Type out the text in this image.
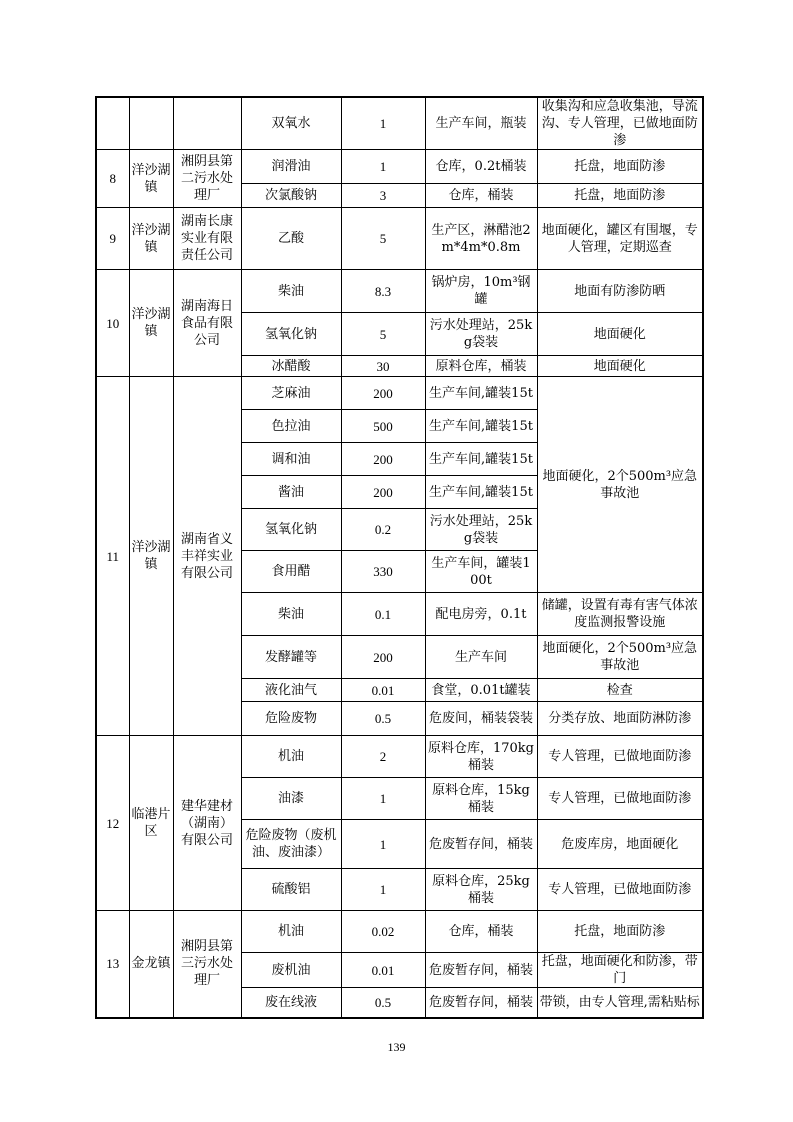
			双氧水	1	生产车间，瓶装	收集沟和应急收集池，导流沟、专人管理，已做地面防渗
8	洋沙湖镇	湘阴县第二污水处理厂	润滑油	1	仓库，0.2t桶装	托盘，地面防渗
			次氯酸钠	3	仓库，桶装	托盘，地面防渗
9	洋沙湖镇	湖南长康实业有限责任公司	乙酸	5	生产区，淋醋池2m*4m*0.8m	地面硬化，罐区有围堰，专人管理，定期巡查
10	洋沙湖镇	湖南海日食品有限公司	柴油	8.3	锅炉房，10m³钢罐	地面有防渗防晒
			氢氧化钠	5	污水处理站，25kg袋装	地面硬化
			冰醋酸	30	原料仓库，桶装	地面硬化
11	洋沙湖镇	湖南省义丰祥实业有限公司	芝麻油	200	生产车间,罐装15t	地面硬化，2个500m³应急事故池
			色拉油	500	生产车间,罐装15t	
			调和油	200	生产车间,罐装15t	
			酱油	200	生产车间,罐装15t	
			氢氧化钠	0.2	污水处理站，25kg袋装	
			食用醋	330	生产车间，罐装100t	
			柴油	0.1	配电房旁，0.1t	储罐，设置有毒有害气体浓度监测报警设施
			发酵罐等	200	生产车间	地面硬化，2个500m³应急事故池
			液化油气	0.01	食堂，0.01t罐装	检查
			危险废物	0.5	危废间，桶装袋装	分类存放、地面防淋防渗
12	临港片区	建华建材（湖南）有限公司	机油	2	原料仓库，170kg桶装	专人管理，已做地面防渗
			油漆	1	原料仓库，15kg桶装	专人管理，已做地面防渗
			危险废物（废机油、废油漆）	1	危废暂存间，桶装	危废库房，地面硬化
			硫酸铝	1	原料仓库，25kg桶装	专人管理，已做地面防渗
13	金龙镇	湘阴县第三污水处理厂	机油	0.02	仓库，桶装	托盘，地面防渗
			废机油	0.01	危废暂存间，桶装	托盘，地面硬化和防渗，带门
			废在线液	0.5	危废暂存间，桶装	带锁，由专人管理,需粘贴标
139
